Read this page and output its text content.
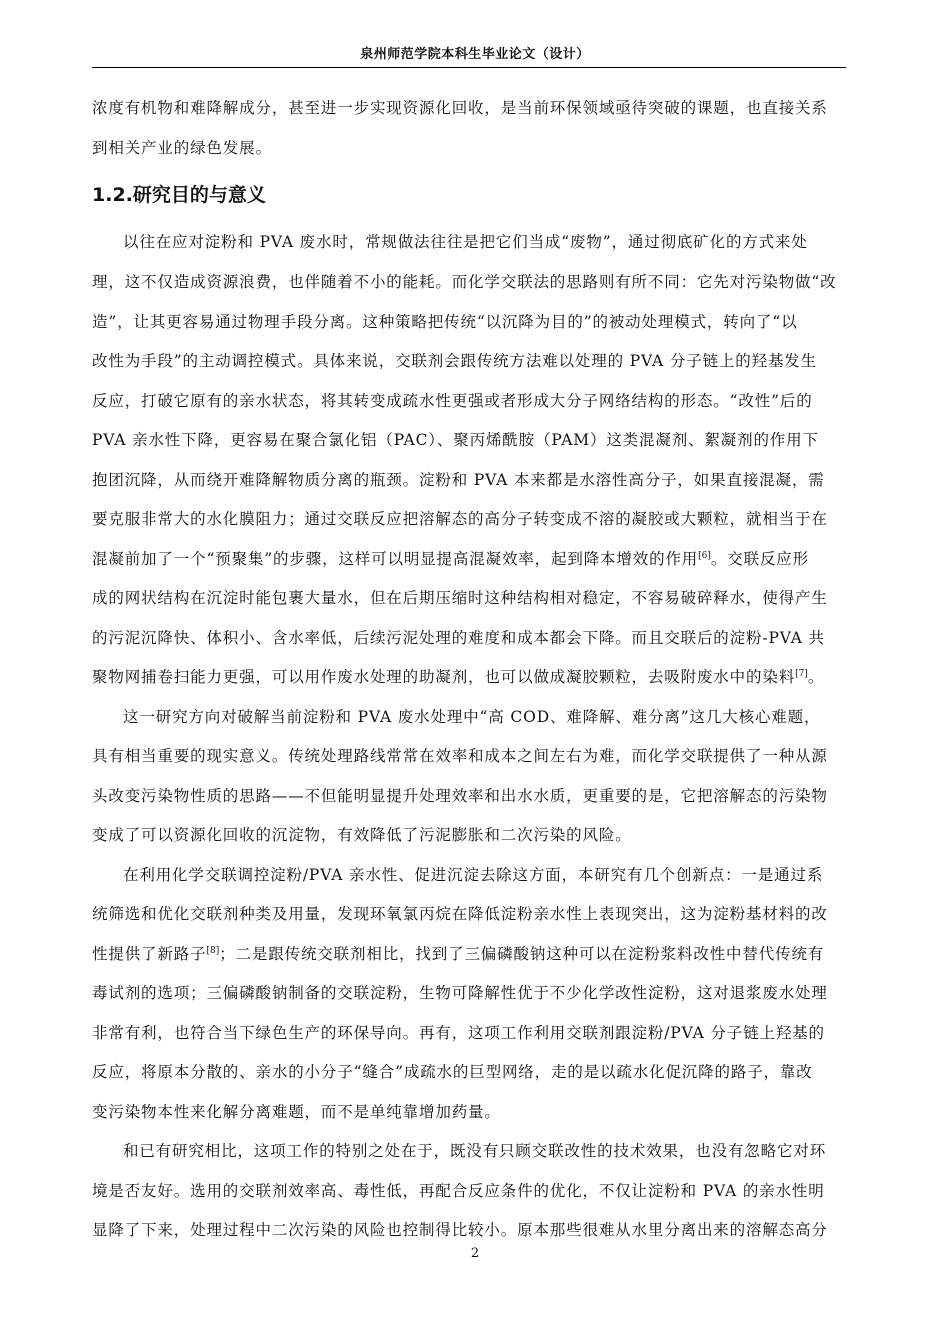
泉州师范学院本科生毕业论文（设计）
浓度有机物和难降解成分，甚至进一步实现资源化回收，是当前环保领域亟待突破的课题，也直接关系
到相关产业的绿色发展。
1.2.研究目的与意义
以往在应对淀粉和 PVA 废水时，常规做法往往是把它们当成“废物”，通过彻底矿化的方式来处
理，这不仅造成资源浪费，也伴随着不小的能耗。而化学交联法的思路则有所不同：它先对污染物做“改
造”，让其更容易通过物理手段分离。这种策略把传统“以沉降为目的”的被动处理模式，转向了“以
改性为手段”的主动调控模式。具体来说，交联剂会跟传统方法难以处理的 PVA 分子链上的羟基发生
反应，打破它原有的亲水状态，将其转变成疏水性更强或者形成大分子网络结构的形态。“改性”后的
PVA 亲水性下降，更容易在聚合氯化铝（PAC）、聚丙烯酰胺（PAM）这类混凝剂、絮凝剂的作用下
抱团沉降，从而绕开难降解物质分离的瓶颈。淀粉和 PVA 本来都是水溶性高分子，如果直接混凝，需
要克服非常大的水化膜阻力；通过交联反应把溶解态的高分子转变成不溶的凝胶或大颗粒，就相当于在
混凝前加了一个“预聚集”的步骤，这样可以明显提高混凝效率，起到降本增效的作用[6]。交联反应形
成的网状结构在沉淀时能包裹大量水，但在后期压缩时这种结构相对稳定，不容易破碎释水，使得产生
的污泥沉降快、体积小、含水率低，后续污泥处理的难度和成本都会下降。而且交联后的淀粉-PVA 共
聚物网捕卷扫能力更强，可以用作废水处理的助凝剂，也可以做成凝胶颗粒，去吸附废水中的染料[7]。
这一研究方向对破解当前淀粉和 PVA 废水处理中“高 COD、难降解、难分离”这几大核心难题，
具有相当重要的现实意义。传统处理路线常常在效率和成本之间左右为难，而化学交联提供了一种从源
头改变污染物性质的思路——不但能明显提升处理效率和出水水质，更重要的是，它把溶解态的污染物
变成了可以资源化回收的沉淀物，有效降低了污泥膨胀和二次污染的风险。
在利用化学交联调控淀粉/PVA 亲水性、促进沉淀去除这方面，本研究有几个创新点：一是通过系
统筛选和优化交联剂种类及用量，发现环氧氯丙烷在降低淀粉亲水性上表现突出，这为淀粉基材料的改
性提供了新路子[8]；二是跟传统交联剂相比，找到了三偏磷酸钠这种可以在淀粉浆料改性中替代传统有
毒试剂的选项；三偏磷酸钠制备的交联淀粉，生物可降解性优于不少化学改性淀粉，这对退浆废水处理
非常有利，也符合当下绿色生产的环保导向。再有，这项工作利用交联剂跟淀粉/PVA 分子链上羟基的
反应，将原本分散的、亲水的小分子“缝合”成疏水的巨型网络，走的是以疏水化促沉降的路子，靠改
变污染物本性来化解分离难题，而不是单纯靠增加药量。
和已有研究相比，这项工作的特别之处在于，既没有只顾交联改性的技术效果，也没有忽略它对环
境是否友好。选用的交联剂效率高、毒性低，再配合反应条件的优化，不仅让淀粉和 PVA 的亲水性明
显降了下来，处理过程中二次污染的风险也控制得比较小。原本那些很难从水里分离出来的溶解态高分
2
